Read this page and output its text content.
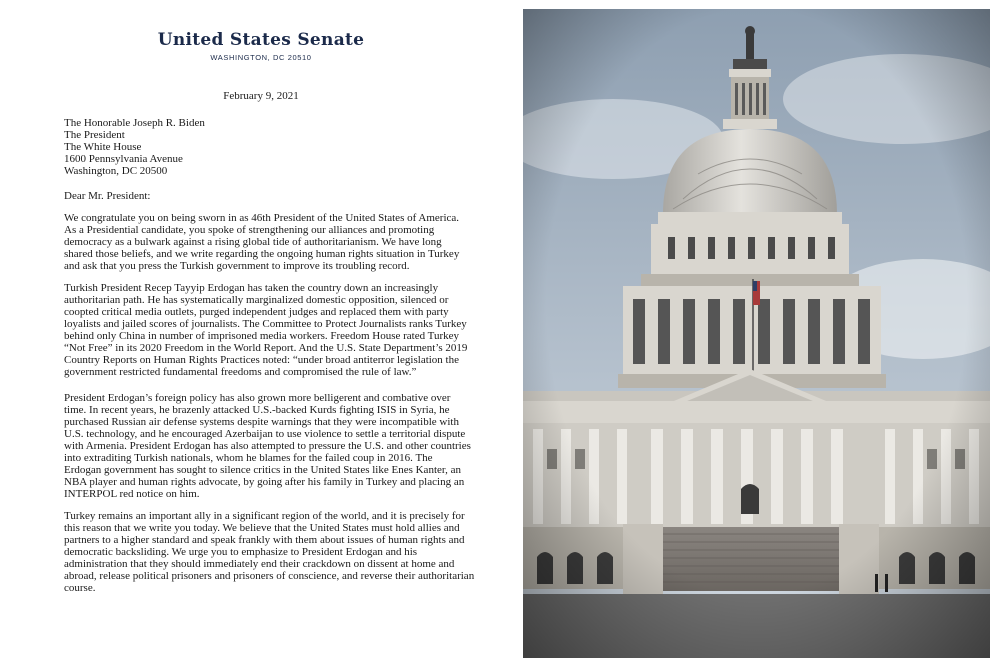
United States Senate
WASHINGTON, DC 20510
February 9, 2021
The Honorable Joseph R. Biden
The President
The White House
1600 Pennsylvania Avenue
Washington, DC 20500
Dear Mr. President:
We congratulate you on being sworn in as 46th President of the United States of America.
As a Presidential candidate, you spoke of strengthening our alliances and promoting
democracy as a bulwark against a rising global tide of authoritarianism. We have long
shared those beliefs, and we write regarding the ongoing human rights situation in Turkey
and ask that you press the Turkish government to improve its troubling record.
Turkish President Recep Tayyip Erdogan has taken the country down an increasingly
authoritarian path. He has systematically marginalized domestic opposition, silenced or
coopted critical media outlets, purged independent judges and replaced them with party
loyalists and jailed scores of journalists. The Committee to Protect Journalists ranks Turkey
behind only China in number of imprisoned media workers. Freedom House rated Turkey
“Not Free” in its 2020 Freedom in the World Report. And the U.S. State Department’s 2019
Country Reports on Human Rights Practices noted: “under broad antiterror legislation the
government restricted fundamental freedoms and compromised the rule of law.”
President Erdogan’s foreign policy has also grown more belligerent and combative over
time. In recent years, he brazenly attacked U.S.-backed Kurds fighting ISIS in Syria, he
purchased Russian air defense systems despite warnings that they were incompatible with
U.S. technology, and he encouraged Azerbaijan to use violence to settle a territorial dispute
with Armenia. President Erdogan has also attempted to pressure the U.S. and other countries
into extraditing Turkish nationals, whom he blames for the failed coup in 2016. The
Erdogan government has sought to silence critics in the United States like Enes Kanter, an
NBA player and human rights advocate, by going after his family in Turkey and placing an
INTERPOL red notice on him.
Turkey remains an important ally in a significant region of the world, and it is precisely for
this reason that we write you today. We believe that the United States must hold allies and
partners to a higher standard and speak frankly with them about issues of human rights and
democratic backsliding. We urge you to emphasize to President Erdogan and his
administration that they should immediately end their crackdown on dissent at home and
abroad, release political prisoners and prisoners of conscience, and reverse their authoritarian
course.
